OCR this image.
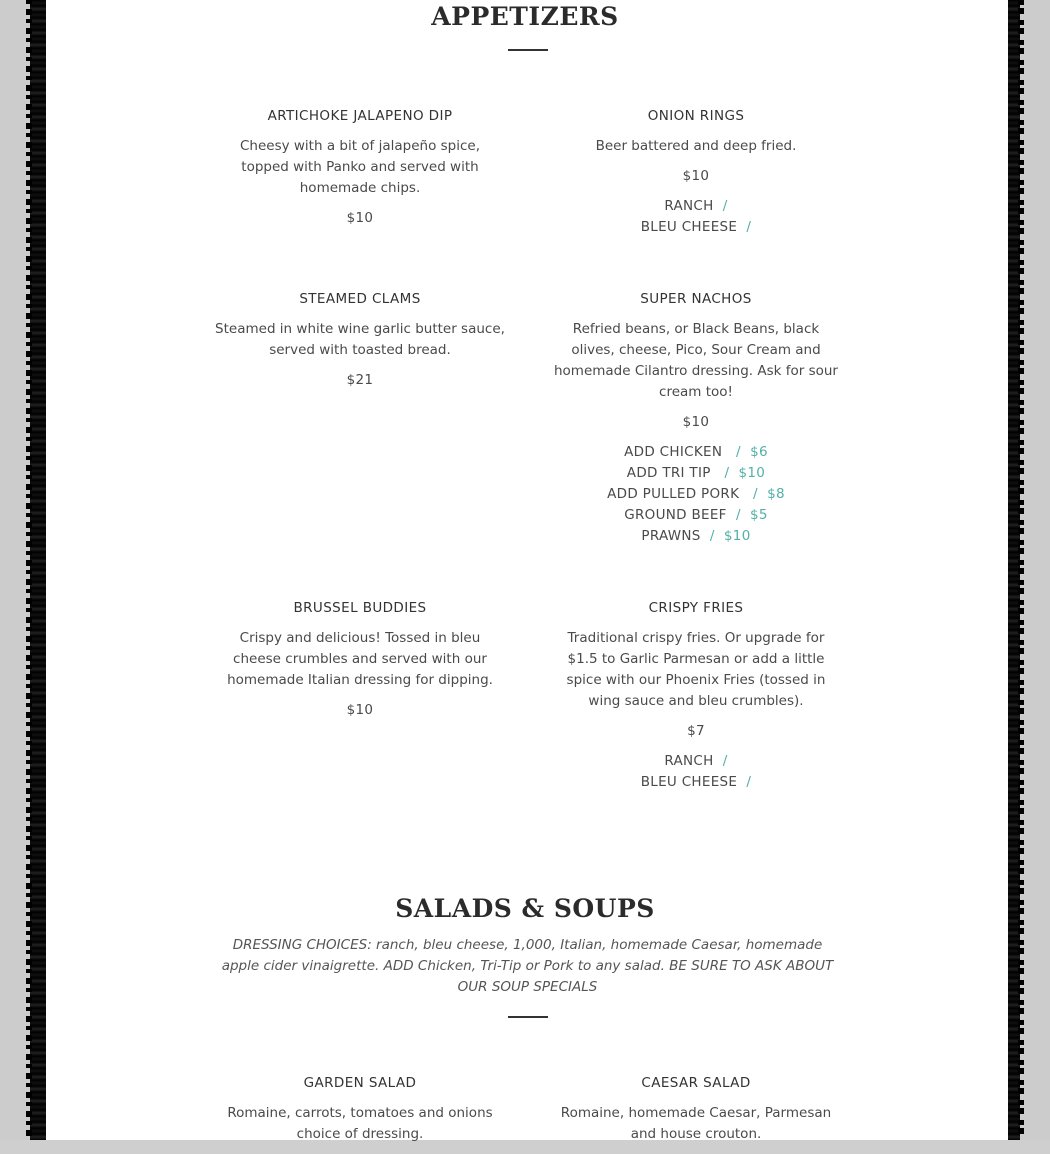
APPETIZERS
ARTICHOKE JALAPENO DIP
Cheesy with a bit of jalapeño spice, topped with Panko and served with homemade chips.
$10
ONION RINGS
Beer battered and deep fried.
$10
RANCH /
BLEU CHEESE /
STEAMED CLAMS
Steamed in white wine garlic butter sauce, served with toasted bread.
$21
SUPER NACHOS
Refried beans, or Black Beans, black olives, cheese, Pico, Sour Cream and homemade Cilantro dressing. Ask for sour cream too!
$10
ADD CHICKEN / $6
ADD TRI TIP / $10
ADD PULLED PORK / $8
GROUND BEEF / $5
PRAWNS / $10
BRUSSEL BUDDIES
Crispy and delicious! Tossed in bleu cheese crumbles and served with our homemade Italian dressing for dipping.
$10
CRISPY FRIES
Traditional crispy fries. Or upgrade for $1.5 to Garlic Parmesan or add a little spice with our Phoenix Fries (tossed in wing sauce and bleu crumbles).
$7
RANCH /
BLEU CHEESE /
SALADS & SOUPS
DRESSING CHOICES: ranch, bleu cheese, 1,000, Italian, homemade Caesar, homemade apple cider vinaigrette. ADD Chicken, Tri-Tip or Pork to any salad. BE SURE TO ASK ABOUT OUR SOUP SPECIALS
GARDEN SALAD
Romaine, carrots, tomatoes and onions choice of dressing.
CAESAR SALAD
Romaine, homemade Caesar, Parmesan and house crouton.
